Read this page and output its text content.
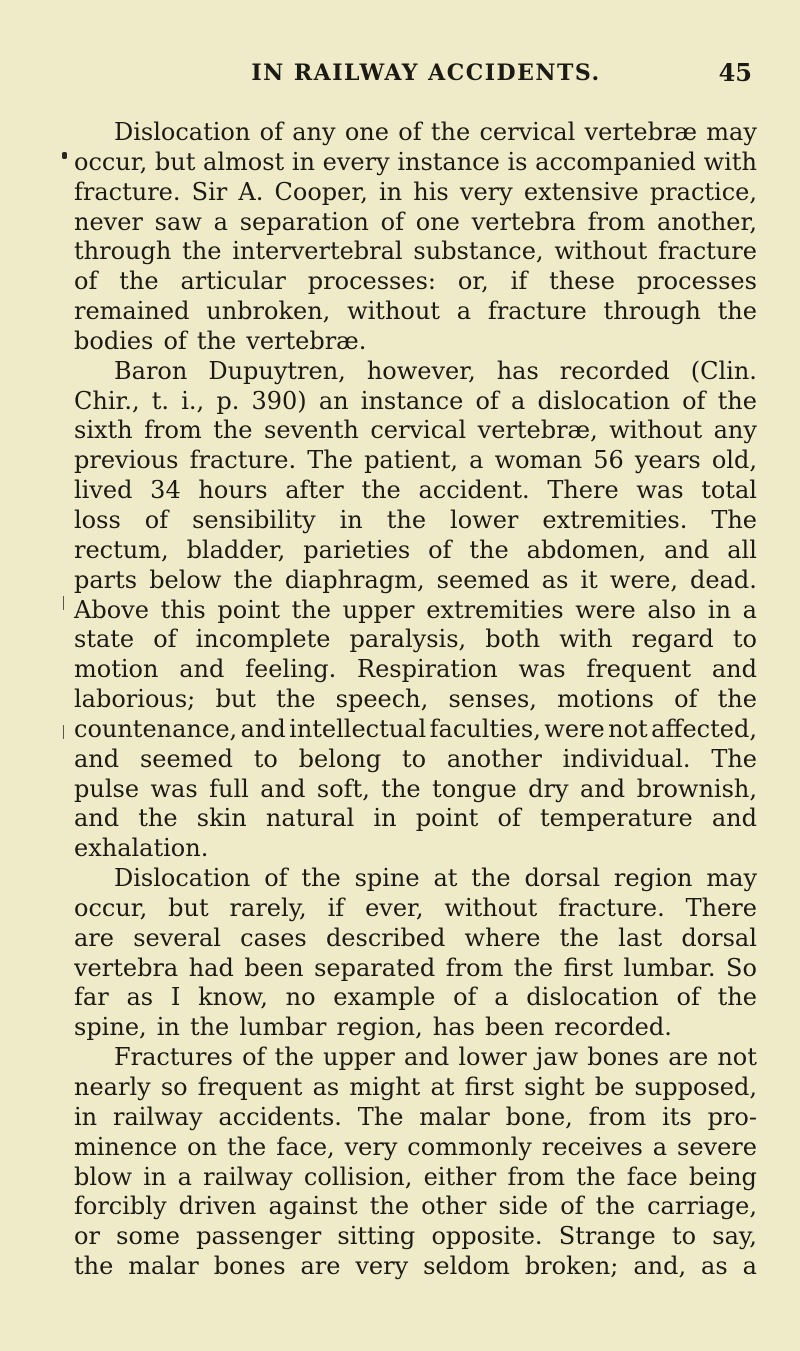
IN RAILWAY ACCIDENTS.	45
Dislocation of any one of the cervical vertebræ may
occur, but almost in every instance is accompanied with
fracture. Sir A. Cooper, in his very extensive practice,
never saw a separation of one vertebra from another,
through the intervertebral substance, without fracture
of the articular processes: or, if these processes
remained unbroken, without a fracture through the
bodies of the vertebræ.
Baron Dupuytren, however, has recorded (Clin.
Chir., t. i., p. 390) an instance of a dislocation of the
sixth from the seventh cervical vertebræ, without any
previous fracture. The patient, a woman 56 years old,
lived 34 hours after the accident. There was total
loss of sensibility in the lower extremities. The
rectum, bladder, parieties of the abdomen, and all
parts below the diaphragm, seemed as it were, dead.
Above this point the upper extremities were also in a
state of incomplete paralysis, both with regard to
motion and feeling. Respiration was frequent and
laborious; but the speech, senses, motions of the
countenance, and intellectual faculties, were not affected,
and seemed to belong to another individual. The
pulse was full and soft, the tongue dry and brownish,
and the skin natural in point of temperature and
exhalation.
Dislocation of the spine at the dorsal region may
occur, but rarely, if ever, without fracture. There
are several cases described where the last dorsal
vertebra had been separated from the first lumbar. So
far as I know, no example of a dislocation of the
spine, in the lumbar region, has been recorded.
Fractures of the upper and lower jaw bones are not
nearly so frequent as might at first sight be supposed,
in railway accidents. The malar bone, from its pro-
minence on the face, very commonly receives a severe
blow in a railway collision, either from the face being
forcibly driven against the other side of the carriage,
or some passenger sitting opposite. Strange to say,
the malar bones are very seldom broken; and, as a
